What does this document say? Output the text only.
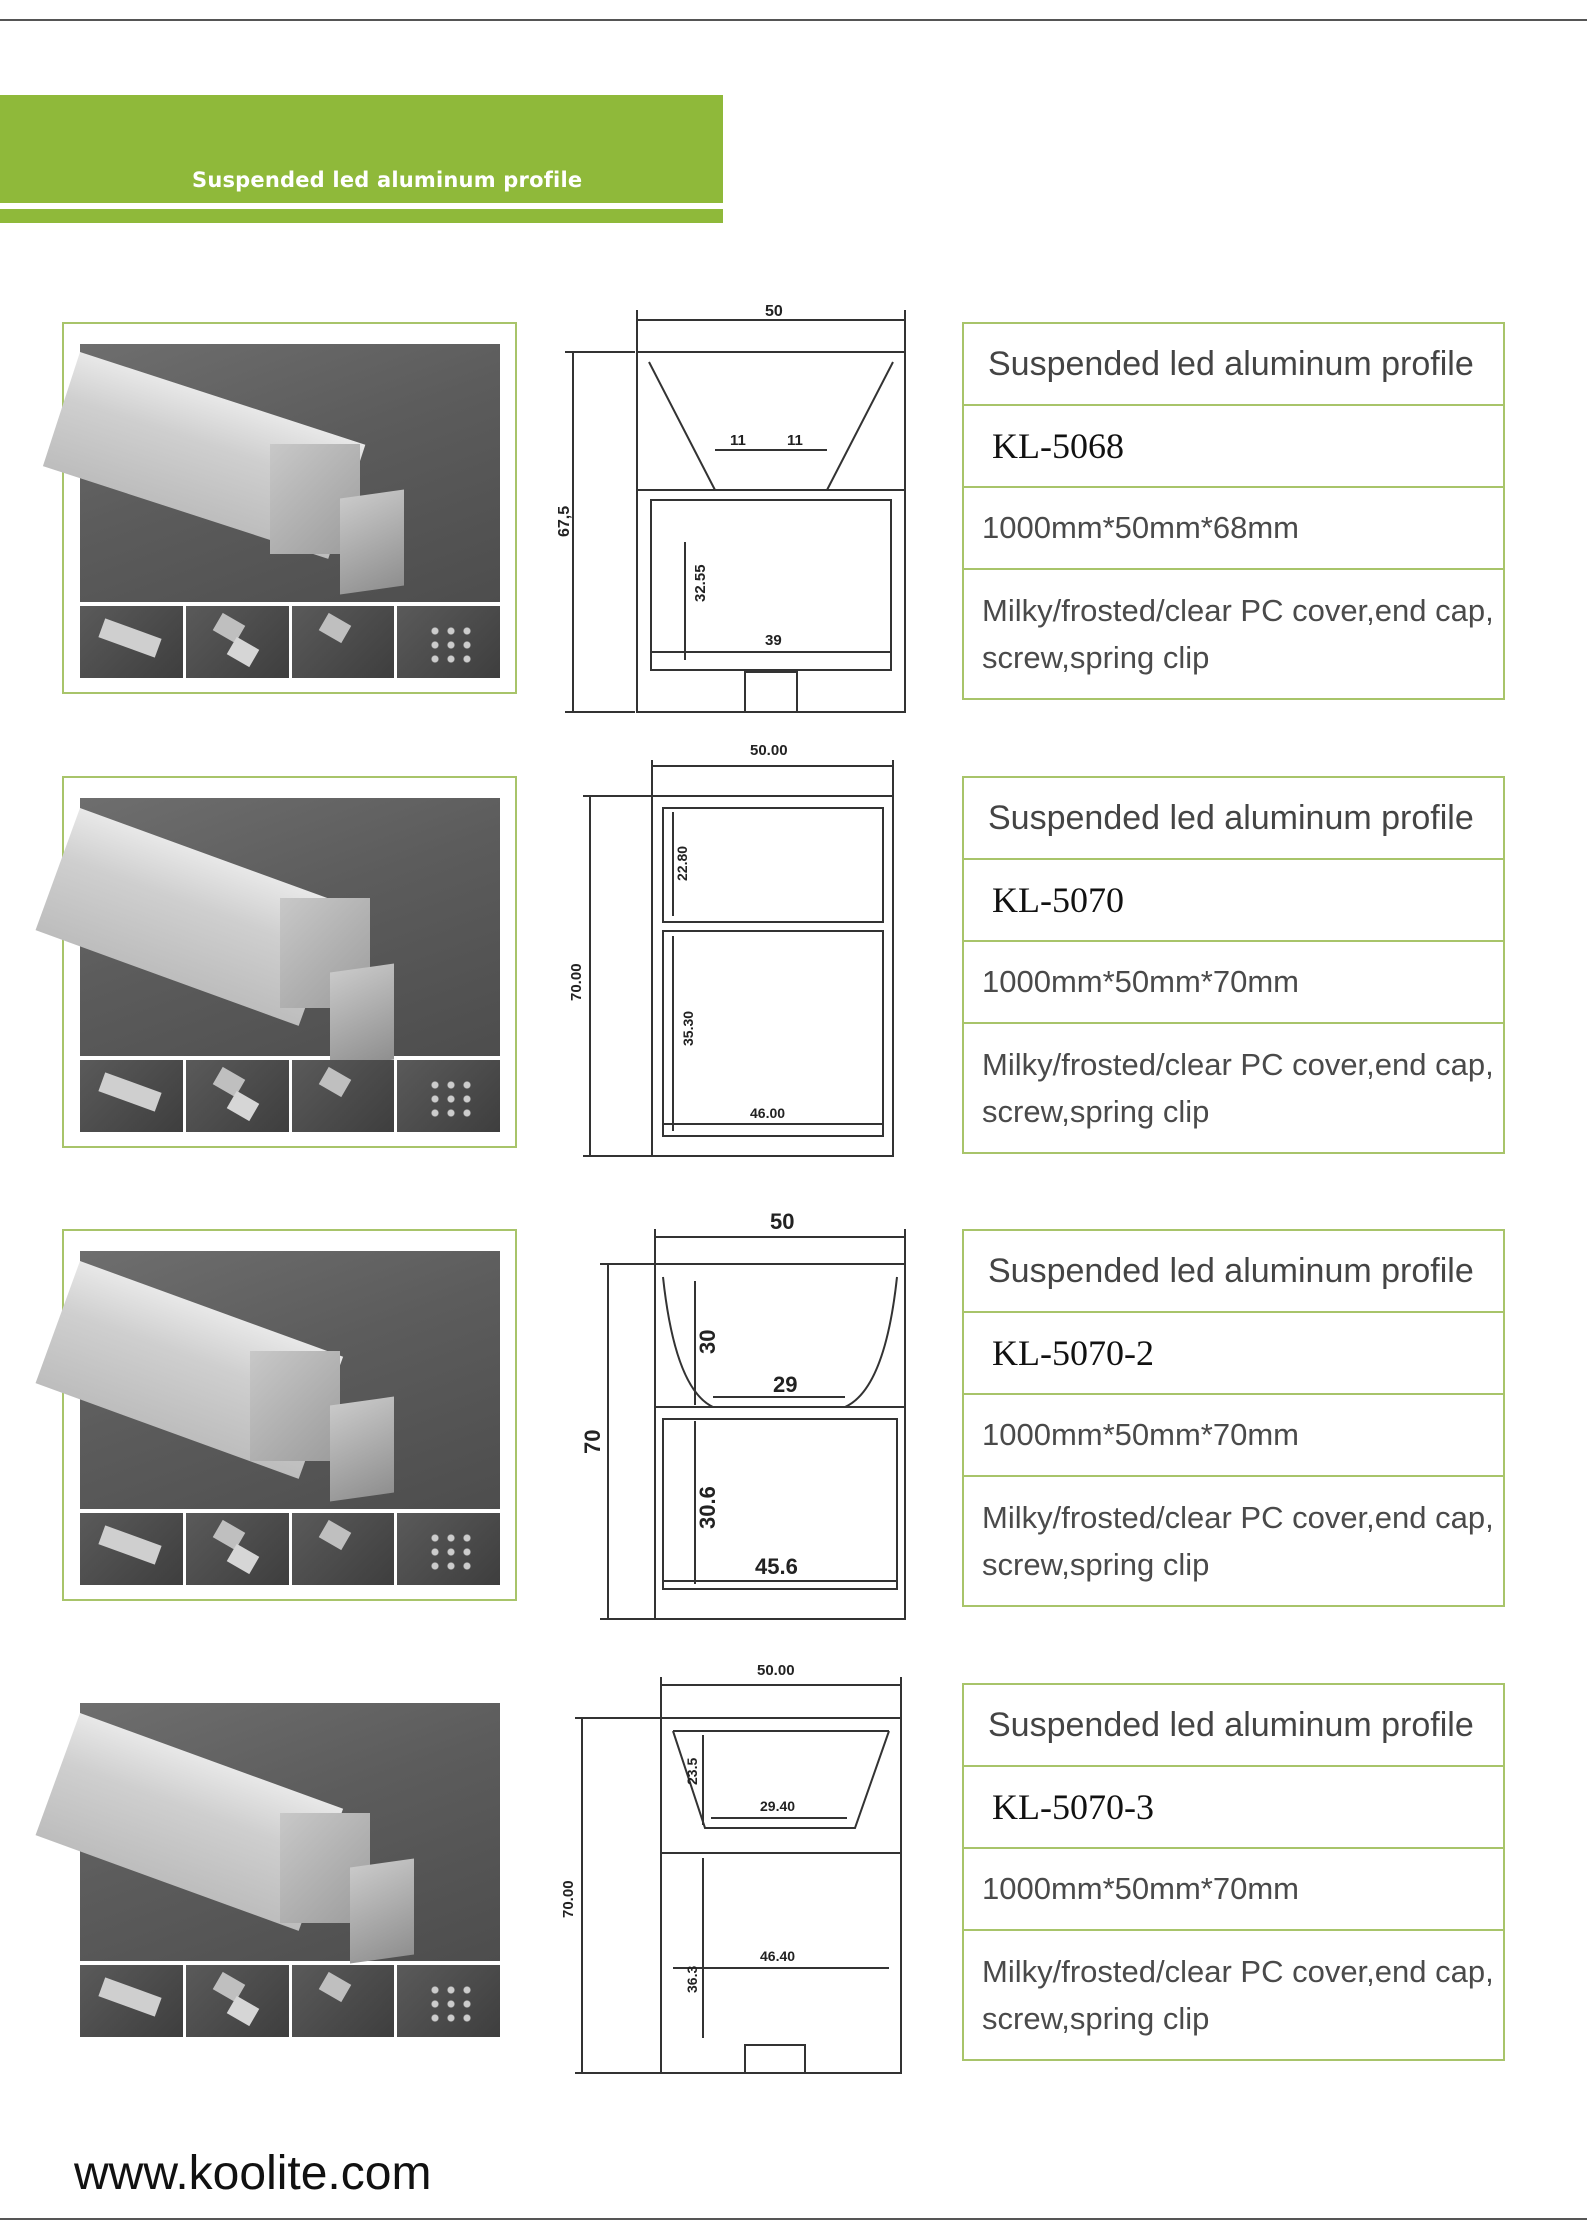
Suspended led aluminum profile
50
67,5
11	11
32.55
39
Suspended led aluminum profile
KL-5068
1000mm*50mm*68mm
Milky/frosted/clear PC cover,end cap,
screw,spring clip
50.00
70.00
22.80
35.30
46.00
Suspended led aluminum profile
KL-5070
1000mm*50mm*70mm
Milky/frosted/clear PC cover,end cap,
screw,spring clip
50
70
30
29
30.6
45.6
Suspended led aluminum profile
KL-5070-2
1000mm*50mm*70mm
Milky/frosted/clear PC cover,end cap,
screw,spring clip
50.00
70.00
23.5
29.40
36.3
46.40
Suspended led aluminum profile
KL-5070-3
1000mm*50mm*70mm
Milky/frosted/clear PC cover,end cap,
screw,spring clip
www.koolite.com
